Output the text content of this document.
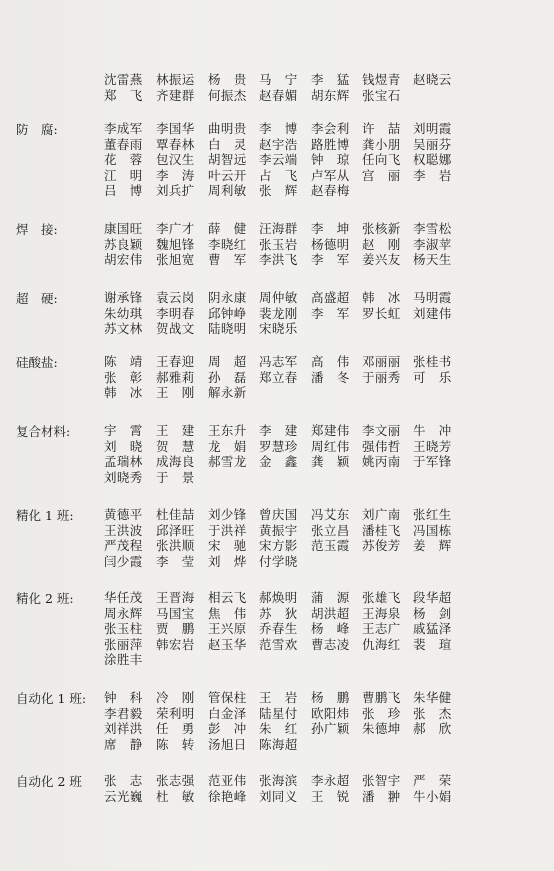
沈雷燕	林振运	杨　贵 马　宁	李　猛 钱煜青 赵晓云
郑　飞	齐建群	何振杰 赵春媚	胡东辉 张宝石
防　腐:	李成军	李国华	曲明贵 李　博	李会利 许　喆 刘明霞
董春雨	覃春林	白　灵 赵宇浩	路胜博 龚小朋 吴丽芬
花　蓉	包汉生	胡智远 李云端	钟　琼 任向飞 权聪娜
江　明	李　涛	叶云开 占　飞	卢军从 宫　丽 李　岩
吕　博	刘兵扩	周利敏 张　辉	赵春梅
焊　接:	康国旺	李广才	薛　健 汪海群	李　坤 张核新 李雪松
苏良颖	魏旭锋	李晓红 张玉岩	杨德明 赵　刚 李淑苹
胡宏伟	张旭宽	曹　军 李洪飞	李　军 姜兴友 杨天生
超　硬:	谢承锋	袁云岗	阴永康 周仲敏	高盛超 韩　冰 马明霞
朱幼琪	李明春	邱钟峥 裴龙刚	李　军 罗长虹 刘建伟
苏文林	贺战文	陆晓明 宋晓乐
硅酸盐:	陈　靖	王春迎	周　超 冯志军	高　伟 邓丽丽 张桂书
张　彰	郝雅莉	孙　磊 郑立春	潘　冬 于丽秀 可　乐
韩　冰	王　刚	解永新
复合材料:	宇　霄	王　建	王东升 李　建	郑建伟 李文丽 牛　冲
刘　晓	贺　慧	龙　娟 罗慧珍	周红伟 强伟哲 王晓芳
孟瑞林	成海良	郝雪龙 金　鑫	龚　颖 姚丙南 于军锋
刘晓秀	于　景
精化 1 班:	黄德平	杜佳喆	刘少锋 曾庆国	冯艾东 刘广南 张红生
王洪波	邱泽旺	于洪祥 黄振宇	张立昌 潘桂飞 冯国栋
严茂程	张洪顺	宋　驰 宋方影	范玉霞 苏俊芳 姜　辉
闫少霞	李　莹	刘　烨 付学晓
精化 2 班:	华任茂	王晋海	相云飞 郝焕明	蒲　源 张雄飞 段华超
周永辉	马国宝	焦　伟 苏　狄	胡洪超 王海泉 杨　剑
张玉柱	贾　鹏	王兴原 乔春生	杨　峰 王志广 戚猛泽
张丽萍	韩宏岩	赵玉华 范雪欢	曹志凌 仇海红 裴　瑄
涂胜丰
自动化 1 班:	钟　科	冷　刚	管保柱 王　岩	杨　鹏 曹鹏飞 朱华健
李君毅	荣利明	白金泽 陆星付	欧阳炜 张　珍 张　杰
刘祥洪	任　勇	彭　冲 朱　红	孙广颖 朱德坤 郝　欣
席　静	陈　转	汤旭日 陈海超
自动化 2 班	张　志	张志强	范亚伟 张海滨	李永超 张智宇 严　荣
云光巍	杜　敏	徐艳峰 刘同义	王　锐 潘　翀 牛小娟
